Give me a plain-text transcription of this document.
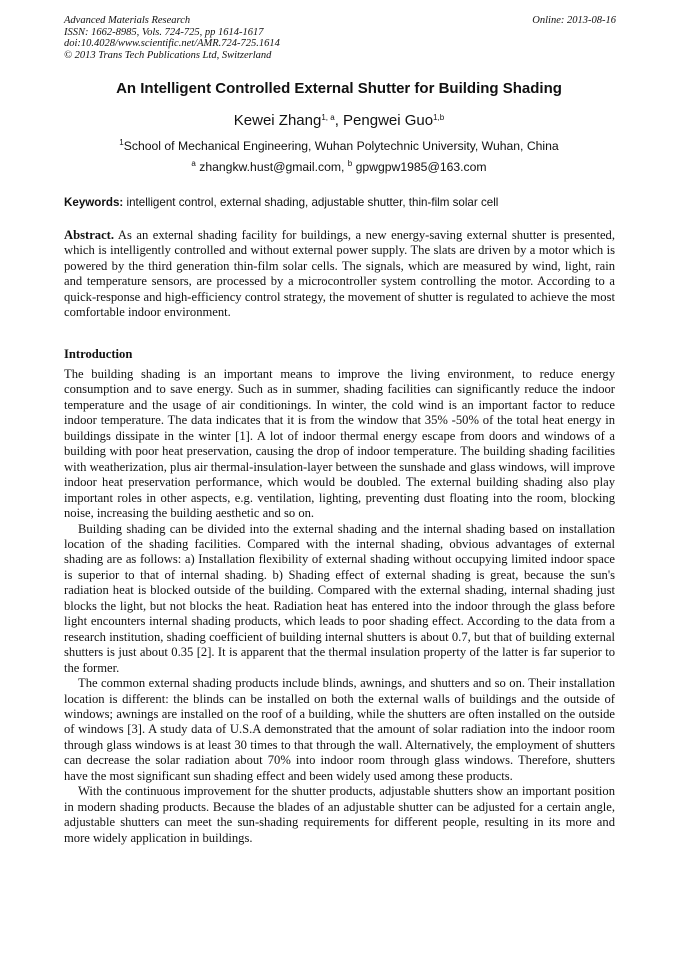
Advanced Materials Research
ISSN: 1662-8985, Vols. 724-725, pp 1614-1617
doi:10.4028/www.scientific.net/AMR.724-725.1614
© 2013 Trans Tech Publications Ltd, Switzerland
Online: 2013-08-16
An Intelligent Controlled External Shutter for Building Shading
Kewei Zhang$^{1, a}$, Pengwei Guo$^{1,b}$
$^1$School of Mechanical Engineering, Wuhan Polytechnic University, Wuhan, China
$^a$ zhangkw.hust@gmail.com, $^b$ gpwgpw1985@163.com
Keywords: intelligent control, external shading, adjustable shutter, thin-film solar cell
Abstract. As an external shading facility for buildings, a new energy-saving external shutter is presented, which is intelligently controlled and without external power supply. The slats are driven by a motor which is powered by the third generation thin-film solar cells. The signals, which are measured by wind, light, rain and temperature sensors, are processed by a microcontroller system controlling the motor. According to a quick-response and high-efficiency control strategy, the movement of shutter is regulated to achieve the most comfortable indoor environment.
Introduction

The building shading is an important means to improve the living environment, to reduce energy consumption and to save energy. Such as in summer, shading facilities can significantly reduce the indoor temperature and the usage of air conditionings. In winter, the cold wind is an important factor to reduce indoor temperature. The data indicates that it is from the window that 35% -50% of the total heat energy in buildings dissipate in the winter [1]. A lot of indoor thermal energy escape from doors and windows of a building with poor heat preservation, causing the drop of indoor temperature. The building shading facilities with weatherization, plus air thermal-insulation-layer between the sunshade and glass windows, will improve indoor heat preservation performance, which would be doubled. The external building shading also play important roles in other aspects, e.g. ventilation, lighting, preventing dust floating into the room, blocking noise, increasing the building aesthetic and so on.

Building shading can be divided into the external shading and the internal shading based on installation location of the shading facilities. Compared with the internal shading, obvious advantages of external shading are as follows: a) Installation flexibility of external shading without occupying limited indoor space is superior to that of internal shading. b) Shading effect of external shading is great, because the sun's radiation heat is blocked outside of the building. Compared with the external shading, internal shading just blocks the light, but not blocks the heat. Radiation heat has entered into the indoor through the glass before light encounters internal shading products, which leads to poor shading effect. According to the data from a research institution, shading coefficient of building internal shutters is about 0.7, but that of building external shutters is just about 0.35 [2]. It is apparent that the thermal insulation property of the latter is far superior to the former.

The common external shading products include blinds, awnings, and shutters and so on. Their installation location is different: the blinds can be installed on both the external walls of buildings and the outside of windows; awnings are installed on the roof of a building, while the shutters are often installed on the outside of windows [3]. A study data of U.S.A demonstrated that the amount of solar radiation into the indoor room through glass windows is at least 30 times to that through the wall. Alternatively, the employment of shutters can decrease the solar radiation about 70% into indoor room through glass windows. Therefore, shutters have the most significant sun shading effect and been widely used among these products.

With the continuous improvement for the shutter products, adjustable shutters show an important position in modern shading products. Because the blades of an adjustable shutter can be adjusted for a certain angle, adjustable shutters can meet the sun-shading requirements for different people, resulting in its more and more widely application in buildings.
